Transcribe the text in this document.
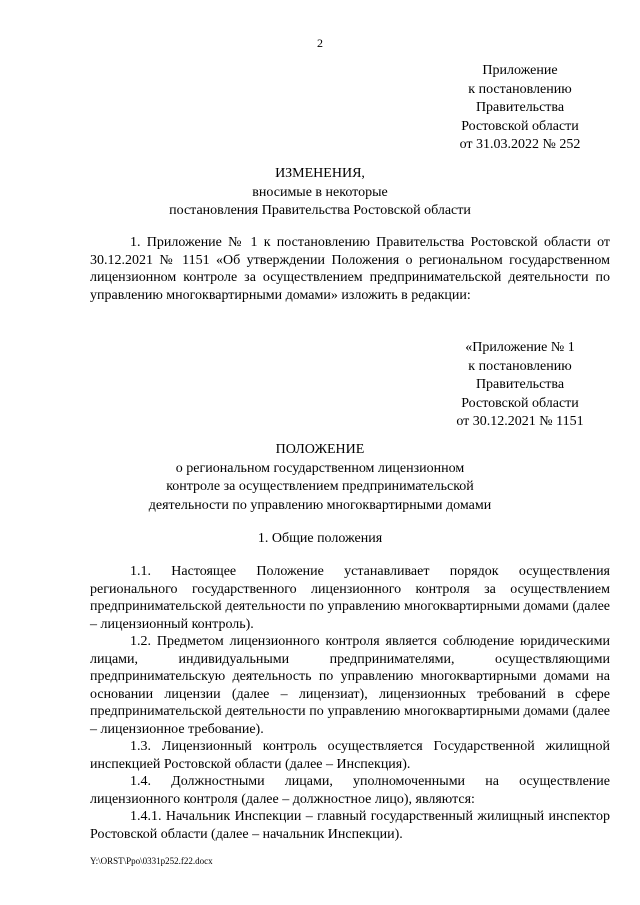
2
Приложение
к постановлению
Правительства
Ростовской области
от 31.03.2022 № 252
ИЗМЕНЕНИЯ,
вносимые в некоторые
постановления Правительства Ростовской области

1. Приложение № 1 к постановлению Правительства Ростовской области от 30.12.2021 № 1151 «Об утверждении Положения о региональном государственном лицензионном контроле за осуществлением предпринимательской деятельности по управлению многоквартирными домами» изложить в редакции:

«Приложение № 1
к постановлению
Правительства
Ростовской области
от 30.12.2021 № 1151
ПОЛОЖЕНИЕ
о региональном государственном лицензионном
контроле за осуществлением предпринимательской
деятельности по управлению многоквартирными домами
1. Общие положения

1.1. Настоящее Положение устанавливает порядок осуществления регионального государственного лицензионного контроля за осуществлением предпринимательской деятельности по управлению многоквартирными домами (далее – лицензионный контроль).

1.2. Предметом лицензионного контроля является соблюдение юридическими лицами, индивидуальными предпринимателями, осуществляющими предпринимательскую деятельность по управлению многоквартирными домами на основании лицензии (далее – лицензиат), лицензионных требований в сфере предпринимательской деятельности по управлению многоквартирными домами (далее – лицензионное требование).

1.3. Лицензионный контроль осуществляется Государственной жилищной инспекцией Ростовской области (далее – Инспекция).

1.4. Должностными лицами, уполномоченными на осуществление лицензионного контроля (далее – должностное лицо), являются:

1.4.1. Начальник Инспекции – главный государственный жилищный инспектор Ростовской области (далее – начальник Инспекции).

Y:\ORST\Ppo\0331p252.f22.docx
